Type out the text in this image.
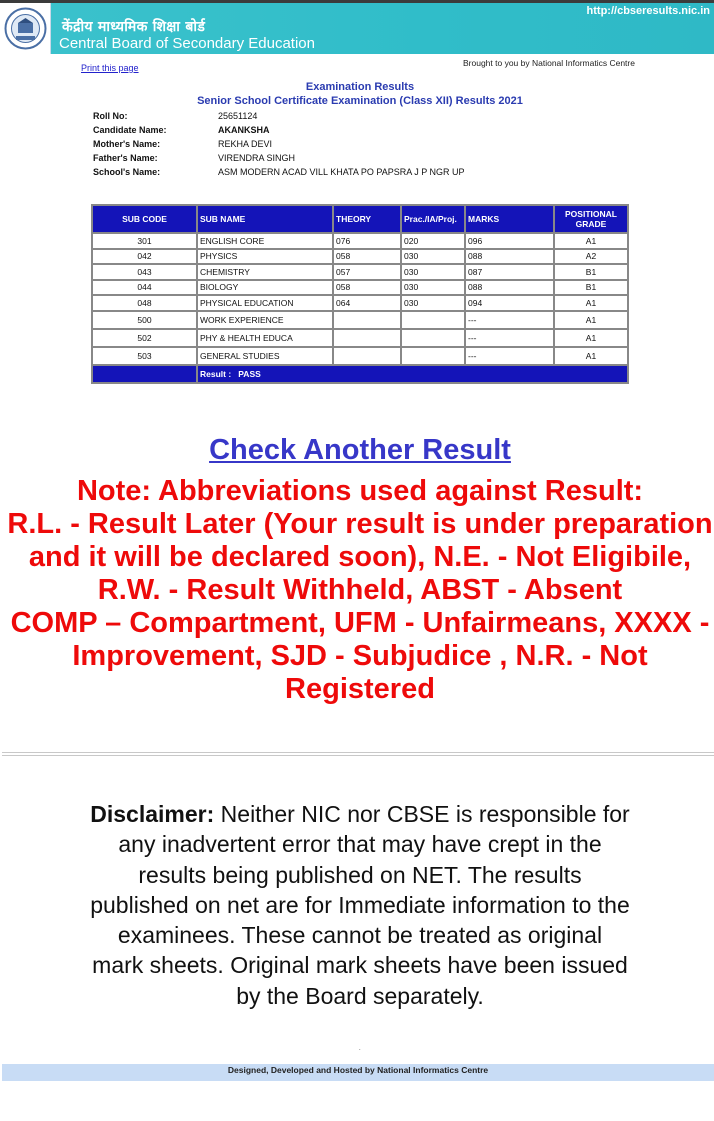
केंद्रीय माध्यमिक शिक्षा बोर्ड
Central Board of Secondary Education
http://cbseresults.nic.in
Print this page	Brought to you by National Informatics Centre
Examination Results
Senior School Certificate Examination (Class XII) Results 2021
Roll No:	25651124
Candidate Name:	AKANKSHA
Mother's Name:	REKHA DEVI
Father's Name:	VIRENDRA SINGH
School's Name:	ASM MODERN ACAD VILL KHATA PO PAPSRA J P NGR UP
SUB CODE	SUB NAME	THEORY	Prac./IA/Proj.	MARKS	POSITIONAL GRADE
301	ENGLISH CORE	076	020	096	A1
042	PHYSICS	058	030	088	A2
043	CHEMISTRY	057	030	087	B1
044	BIOLOGY	058	030	088	B1
048	PHYSICAL EDUCATION	064	030	094	A1
500	WORK EXPERIENCE			---	A1
502	PHY & HEALTH EDUCA			---	A1
503	GENERAL STUDIES			---	A1
	Result : PASS				
Check Another Result
Note: Abbreviations used against Result:
R.L. - Result Later (Your result is under preparation and it will be declared soon), N.E. - Not Eligibile, R.W. - Result Withheld, ABST - Absent
COMP – Compartment, UFM - Unfairmeans, XXXX - Improvement, SJD - Subjudice , N.R. - Not Registered
Disclaimer: Neither NIC nor CBSE is responsible for any inadvertent error that may have crept in the results being published on NET. The results published on net are for Immediate information to the examinees. These cannot be treated as original mark sheets. Original mark sheets have been issued by the Board separately.
.
Designed, Developed and Hosted by National Informatics Centre
